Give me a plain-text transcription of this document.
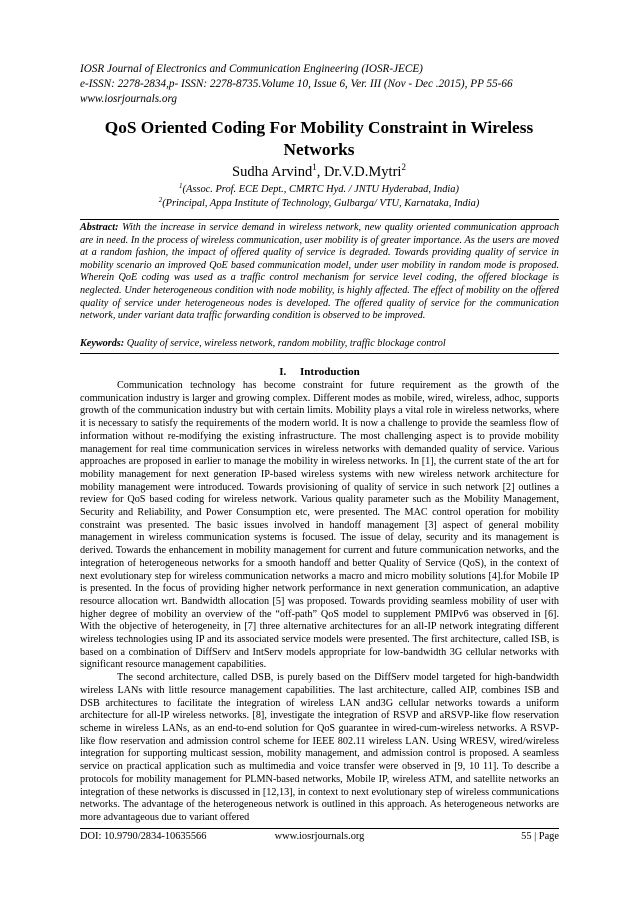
IOSR Journal of Electronics and Communication Engineering (IOSR-JECE)
e-ISSN: 2278-2834,p- ISSN: 2278-8735.Volume 10, Issue 6, Ver. III (Nov - Dec .2015), PP 55-66
www.iosrjournals.org
QoS Oriented Coding For Mobility Constraint in Wireless
Networks
Sudha Arvind$^1$, Dr.V.D.Mytri$^2$
$^1$(Assoc. Prof. ECE Dept., CMRTC Hyd. / JNTU Hyderabad, India)
$^2$(Principal, Appa Institute of Technology, Gulbarga/ VTU, Karnataka, India)
Abstract: With the increase in service demand in wireless network, new quality oriented communication approach are in need. In the process of wireless communication, user mobility is of greater importance. As the users are moved at a random fashion, the impact of offered quality of service is degraded. Towards providing quality of service in mobility scenario an improved QoE based communication model, under user mobility in random mode is proposed. Wherein QoE coding was used as a traffic control mechanism for service level coding, the offered blockage is neglected. Under heterogeneous condition with node mobility, is highly affected. The effect of mobility on the offered quality of service under heterogeneous nodes is developed. The offered quality of service for the communication network, under variant data traffic forwarding condition is observed to be improved.
Keywords: Quality of service, wireless network, random mobility, traffic blockage control
I.     Introduction

Communication technology has become constraint for future requirement as the growth of the communication industry is larger and growing complex. Different modes as mobile, wired, wireless, adhoc, supports growth of the communication industry but with certain limits. Mobility plays a vital role in wireless networks, where it is necessary to satisfy the requirements of the modern world. It is now a challenge to provide the seamless flow of information without re-modifying the existing infrastructure. The most challenging aspect is to provide mobility management for real time communication services in wireless networks with demanded quality of service. Various approaches are proposed in earlier to manage the mobility in wireless networks. In [1], the current state of the art for mobility management for next generation IP-based wireless systems with new wireless network architecture for mobility management were introduced. Towards provisioning of quality of service in such network [2] outlines a review for QoS based coding for wireless network. Various quality parameter such as the Mobility Management, Security and Reliability, and Power Consumption etc, were presented. The MAC control operation for mobility constraint was presented. The basic issues involved in handoff management [3] aspect of general mobility management in wireless communication systems is focused. The issue of delay, security and its management is derived. Towards the enhancement in mobility management for current and future communication networks, and the integration of heterogeneous networks for a smooth handoff and better Quality of Service (QoS), in the context of next evolutionary step for wireless communication networks a macro and micro mobility solutions [4].for Mobile IP is presented. In the focus of providing higher network performance in next generation communication, an adaptive resource allocation wrt. Bandwidth allocation [5] was proposed. Towards providing seamless mobility of user with higher degree of mobility an overview of the “off-path” QoS model to supplement PMIPv6 was observed in [6]. With the objective of heterogeneity, in [7] three alternative architectures for an all-IP network integrating different wireless technologies using IP and its associated service models were presented. The first architecture, called ISB, is based on a combination of DiffServ and IntServ models appropriate for low-bandwidth 3G cellular networks with significant resource management capabilities.

The second architecture, called DSB, is purely based on the DiffServ model targeted for high-bandwidth wireless LANs with little resource management capabilities. The last architecture, called AIP, combines ISB and DSB architectures to facilitate the integration of wireless LAN and3G cellular networks towards a uniform architecture for all-IP wireless networks. [8], investigate the integration of RSVP and aRSVP-like flow reservation scheme in wireless LANs, as an end-to-end solution for QoS guarantee in wired-cum-wireless networks. A RSVP-like flow reservation and admission control scheme for IEEE 802.11 wireless LAN. Using WRESV, wired/wireless integration for supporting multicast session, mobility management, and admission control is proposed. A seamless service on practical application such as multimedia and voice transfer were observed in [9, 10 11]. To describe a protocols for mobility management for PLMN-based networks, Mobile IP, wireless ATM, and satellite networks an integration of these networks is discussed in [12,13], in context to next evolutionary step of wireless communications networks. The advantage of the heterogeneous network is outlined in this approach. As heterogeneous networks are more advantageous due to variant offered

DOI: 10.9790/2834-10635566	www.iosrjournals.org	55 | Page
